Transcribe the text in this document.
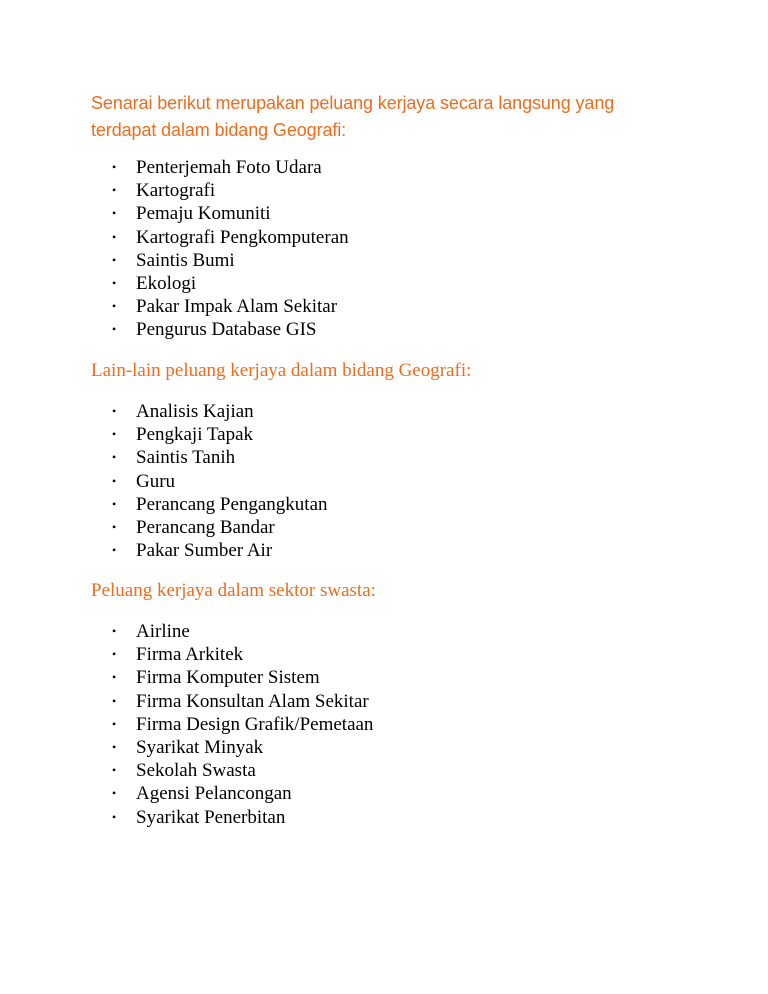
Senarai berikut merupakan peluang kerjaya secara langsung yang terdapat dalam bidang Geografi:

• Penterjemah Foto Udara
• Kartografi
• Pemaju Komuniti
• Kartografi Pengkomputeran
• Saintis Bumi
• Ekologi
• Pakar Impak Alam Sekitar
• Pengurus Database GIS

Lain-lain peluang kerjaya dalam bidang Geografi:

• Analisis Kajian
• Pengkaji Tapak
• Saintis Tanih
• Guru
• Perancang Pengangkutan
• Perancang Bandar
• Pakar Sumber Air

Peluang kerjaya dalam sektor swasta:

• Airline
• Firma Arkitek
• Firma Komputer Sistem
• Firma Konsultan Alam Sekitar
• Firma Design Grafik/Pemetaan
• Syarikat Minyak
• Sekolah Swasta
• Agensi Pelancongan
• Syarikat Penerbitan
